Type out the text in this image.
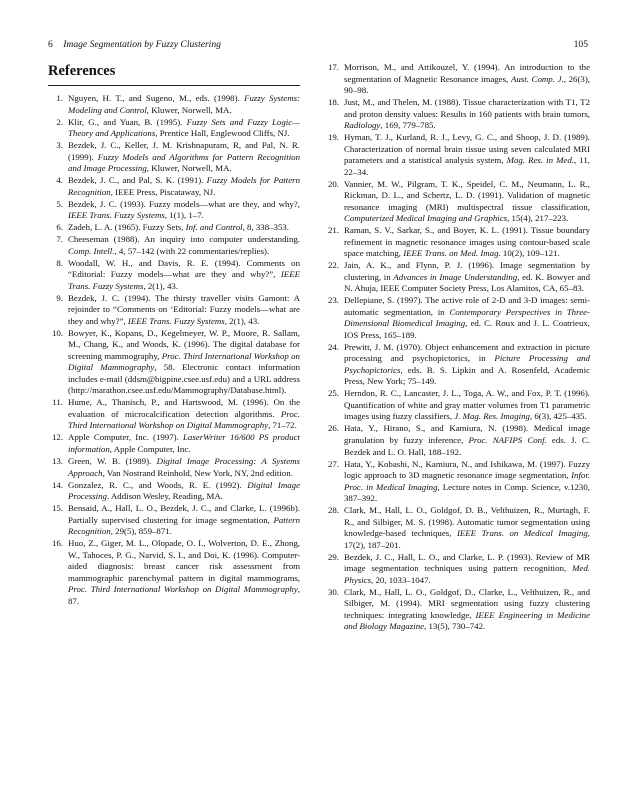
6 Image Segmentation by Fuzzy Clustering	105
References
1. Nguyen, H. T., and Sugeno, M., eds. (1998). Fuzzy Systems: Modeling and Control, Kluwer, Norwell, MA.
2. Klir, G., and Yuan, B. (1995). Fuzzy Sets and Fuzzy Logic—Theory and Applications, Prentice Hall, Englewood Cliffs, NJ.
3. Bezdek, J. C., Keller, J. M. Krishnapuram, R, and Pal, N. R. (1999). Fuzzy Models and Algorithms for Pattern Recognition and Image Processing, Kluwer, Norwell, MA.
4. Bezdek, J. C., and Pal, S. K. (1991). Fuzzy Models for Pattern Recognition, IEEE Press, Piscataway, NJ.
5. Bezdek, J. C. (1993). Fuzzy models—what are they, and why?, IEEE Trans. Fuzzy Systems, 1(1), 1–7.
6. Zadeh, L. A. (1965). Fuzzy Sets, Inf. and Control, 8, 338–353.
7. Cheeseman (1988). An inquiry into computer understanding. Comp. Intell., 4, 57–142 (with 22 commentaries/replies).
8. Woodall, W. H., and Davis, R. E. (1994). Comments on “Editorial: Fuzzy models—what are they and why?”, IEEE Trans. Fuzzy Systems, 2(1), 43.
9. Bezdek, J. C. (1994). The thirsty traveller visits Gamont: A rejoinder to “Comments on ‘Editorial: Fuzzy models—what are they and why?”, IEEE Trans. Fuzzy Systems, 2(1), 43.
10. Bowyer, K., Kopans, D., Kegelmeyer, W. P., Moore, R. Sallam, M., Chang, K., and Woods, K. (1996). The digital database for screening mammography, Proc. Third International Workshop on Digital Mammography, 58. Electronic contact information includes e-mail (ddsm@bigpine.csee.usf.edu) and a URL address (http://marathon.csee.usf.edu/Mammography/Database.html).
11. Hume, A., Thanisch, P., and Hartswood, M. (1996). On the evaluation of microcalcification detection algorithms. Proc. Third International Workshop on Digital Mammography, 71–72.
12. Apple Computer, Inc. (1997). LaserWriter 16/600 PS product information, Apple Computer, Inc.
13. Green, W. B. (1989). Digital Image Processing: A Systems Approach, Van Nostrand Reinhold, New York, NY, 2nd edition.
14. Gonzalez, R. C., and Woods, R. E. (1992). Digital Image Processing. Addison Wesley, Reading, MA.
15. Bensaid, A., Hall, L. O., Bezdek, J. C., and Clarke, L. (1996b). Partially supervised clustering for image segmentation, Pattern Recognition, 29(5), 859–871.
16. Huo, Z., Giger, M. L., Olopade, O. I., Wolverton, D. E., Zhong, W., Tahoces, P. G., Narvid, S. I., and Doi, K. (1996). Computer-aided diagnosis: breast cancer risk assessment from mammographic parenchymal pattern in digital mammograms, Proc. Third International Workshop on Digital Mammography, 87.
17. Morrison, M., and Attikouzel, Y. (1994). An introduction to the segmentation of Magnetic Resonance images, Aust. Comp. J., 26(3), 90–98.
18. Just, M., and Thelen, M. (1988). Tissue characterization with T1, T2 and proton density values: Results in 160 patients with brain tumors, Radiology, 169, 779–785.
19. Hyman, T. J., Kurland, R. J., Levy, G. C., and Shoop, J. D. (1989). Characterization of normal brain tissue using seven calculated MRI parameters and a statistical analysis system, Mag. Res. in Med., 11, 22–34.
20. Vannier, M. W., Pilgram, T. K., Speidel, C. M., Neumann, L. R., Rickman, D. L., and Schertz, L. D. (1991). Validation of magnetic resonance imaging (MRI) multispectral tissue classification, Computerized Medical Imaging and Graphics, 15(4), 217–223.
21. Raman, S. V., Sarkar, S., and Boyer, K. L. (1991). Tissue boundary refinement in magnetic resonance images using contour-based scale space matching, IEEE Trans. on Med. Imag. 10(2), 109–121.
22. Jain, A. K., and Flynn, P. J. (1996). Image segmentation by clustering, in Advances in Image Understanding, ed. K. Bowyer and N. Ahuja, IEEE Computer Society Press, Los Alamitos, CA, 65–83.
23. Dellepiane, S. (1997). The active role of 2-D and 3-D images: semi-automatic segmentation, in Contemporary Perspectives in Three-Dimensional Biomedical Imaging, ed. C. Roux and J. L. Coatrieux, IOS Press, 165–189.
24. Prewitt, J. M. (1970). Object enhancement and extraction in picture processing and psychopictorics, in Picture Processing and Psychopictorics, eds. B. S. Lipkin and A. Rosenfeld, Academic Press, New York; 75–149.
25. Herndon, R. C., Lancaster, J. L., Toga, A. W., and Fox, P. T. (1996). Quantification of white and gray matter volumes from T1 parametric images using fuzzy classifiers, J. Mag. Res. Imaging, 6(3), 425–435.
26. Hata, Y., Hirano, S., and Kamiura, N. (1998). Medical image granulation by fuzzy inference, Proc. NAFIPS Conf. eds. J. C. Bezdek and L. O. Hall, 188–192.
27. Hata, Y., Kobashi, N., Kamiura, N., and Ishikawa, M. (1997). Fuzzy logic approach to 3D magnetic resonance image segmentation, Infor. Proc. in Medical Imaging, Lecture notes in Comp. Science, v.1230, 387–392.
28. Clark, M., Hall, L. O., Goldgof, D. B., Velthuizen, R., Murtagh, F. R., and Silbiger, M. S. (1998). Automatic tumor segmentation using knowledge-based techniques, IEEE Trans. on Medical Imaging, 17(2), 187–201.
29. Bezdek, J. C., Hall, L. O., and Clarke, L. P. (1993). Review of MR image segmentation techniques using pattern recognition, Med. Physics, 20, 1033–1047.
30. Clark, M., Hall, L. O., Goldgof, D., Clarke, L., Velthuizen, R., and Silbiger, M. (1994). MRI segmentation using fuzzy clustering techniques: integrating knowledge, IEEE Engineering in Medicine and Biology Magazine, 13(5), 730–742.
